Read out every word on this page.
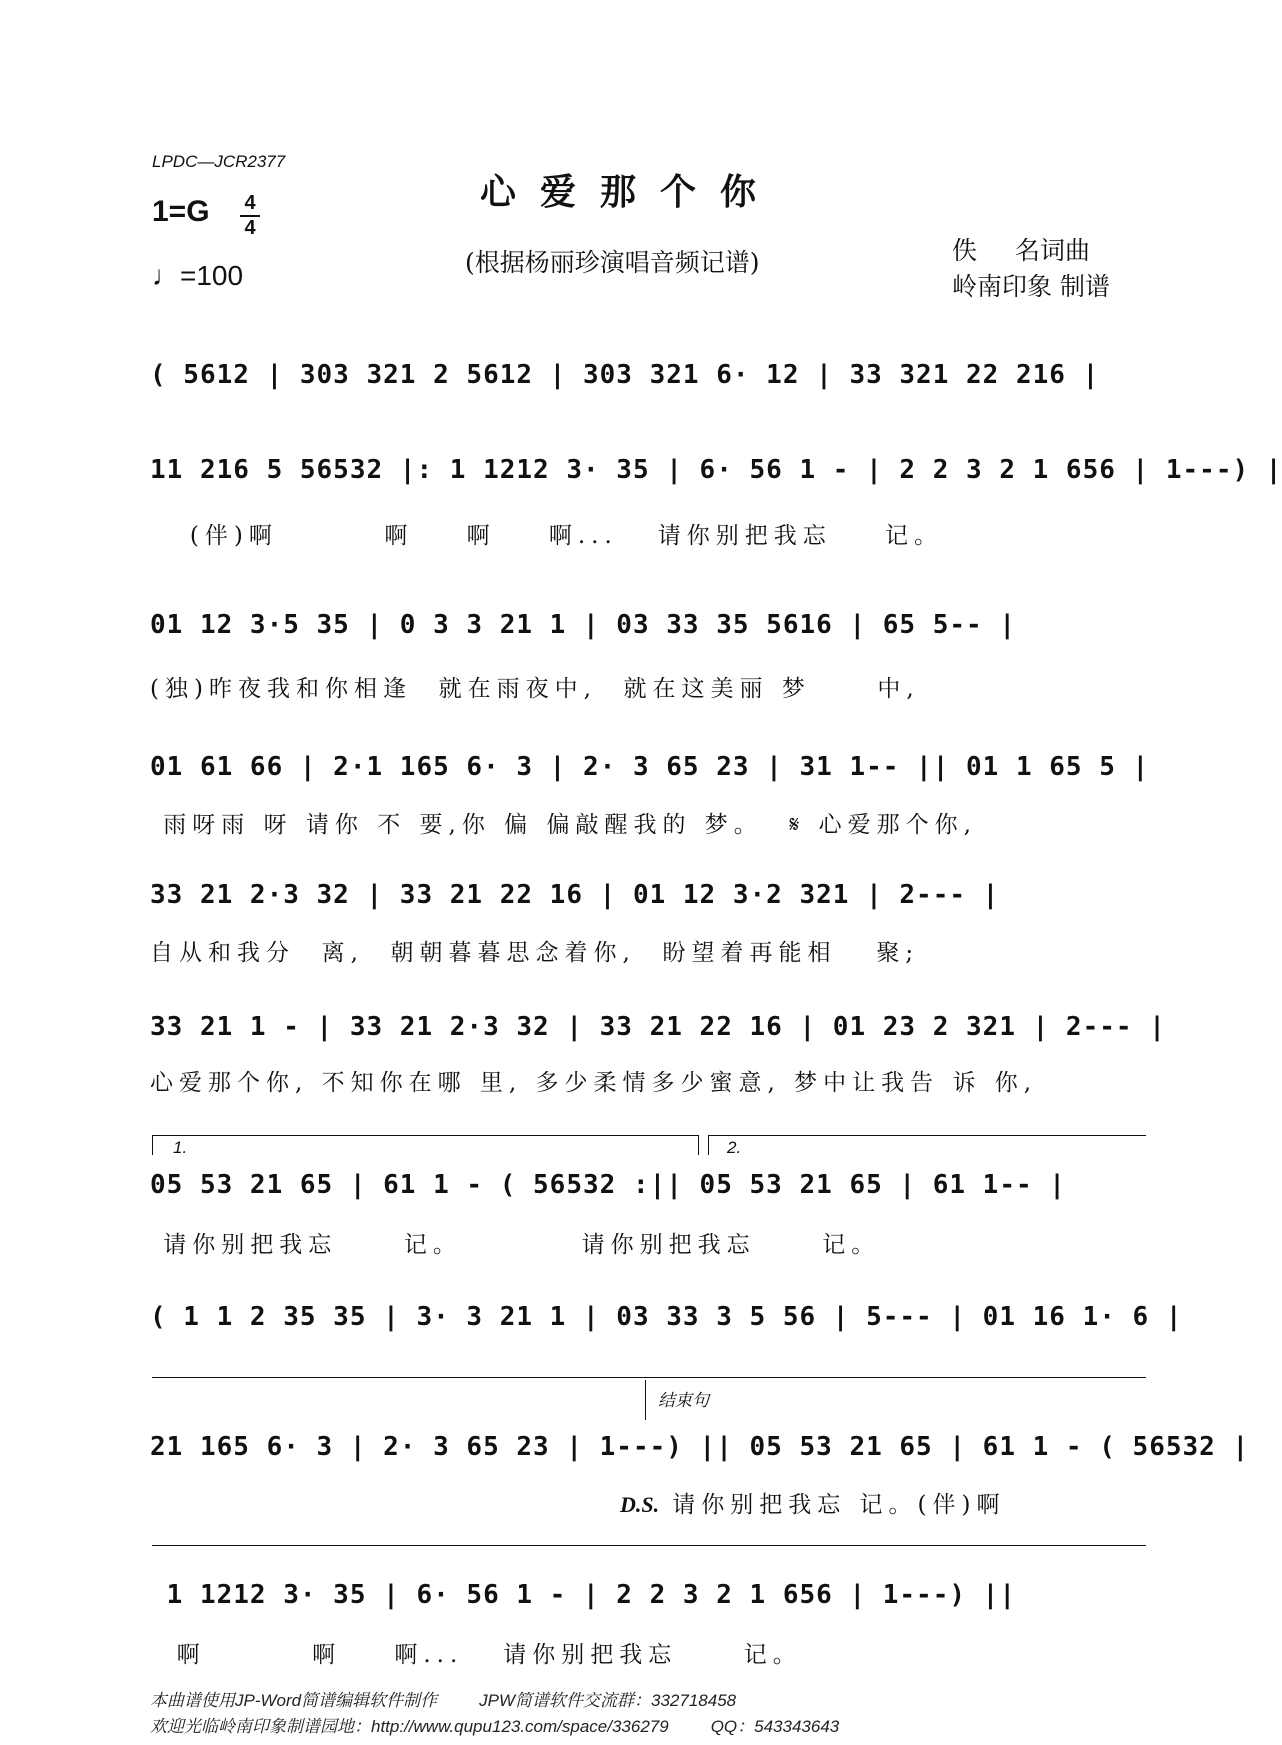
LPDC—JCR2377
心爱那个你
(根据杨丽珍演唱音频记谱)
1=G	4
4
♩=100
佚 名词曲
岭南印象 制谱
( 5612 | 303 321 2 5612 | 303 321 6· 12 | 33 321 22 216 |
11 216 5 56532 |: 1 1212 3· 35 | 6· 56 1 - | 2 2 3 2 1 656 | 1---) |
(伴)啊        啊    啊    啊...   请你别把我忘    记。
01 12 3·5 35 | 0 3 3 21 1 | 03 33 35 5616 | 65 5-- |
(独)昨夜我和你相逢  就在雨夜中,  就在这美丽 梦     中,
01 61 66 | 2·1 165 6· 3 | 2· 3 65 23 | 31 1-- || 01 1 65 5 |
雨呀雨 呀 请你 不 要,你 偏 偏敲醒我的 梦。  𝄋 心爱那个你,
33 21 2·3 32 | 33 21 22 16 | 01 12 3·2 321 | 2--- |
自从和我分  离,  朝朝暮暮思念着你,  盼望着再能相   聚;
33 21 1 - | 33 21 2·3 32 | 33 21 22 16 | 01 23 2 321 | 2--- |
心爱那个你, 不知你在哪 里, 多少柔情多少蜜意, 梦中让我告 诉 你,
1.	2.
05 53 21 65 | 61 1 - ( 56532 :|| 05 53 21 65 | 61 1-- |
请你别把我忘     记。         请你别把我忘     记。
( 1 1 2 35 35 | 3· 3 21 1 | 03 33 3 5 56 | 5--- | 01 16 1· 6 |
结束句
21 165 6· 3 | 2· 3 65 23 | 1---) || 05 53 21 65 | 61 1 - ( 56532 |
D.S. 请你别把我忘 记。(伴)啊
1 1212 3· 35 | 6· 56 1 - | 2 2 3 2 1 656 | 1---) ||
啊        啊    啊...   请你别把我忘     记。
本曲谱使用JP-Word简谱编辑软件制作 JPW简谱软件交流群：332718458
欢迎光临岭南印象制谱园地：http://www.qupu123.com/space/336279 QQ：543343643
